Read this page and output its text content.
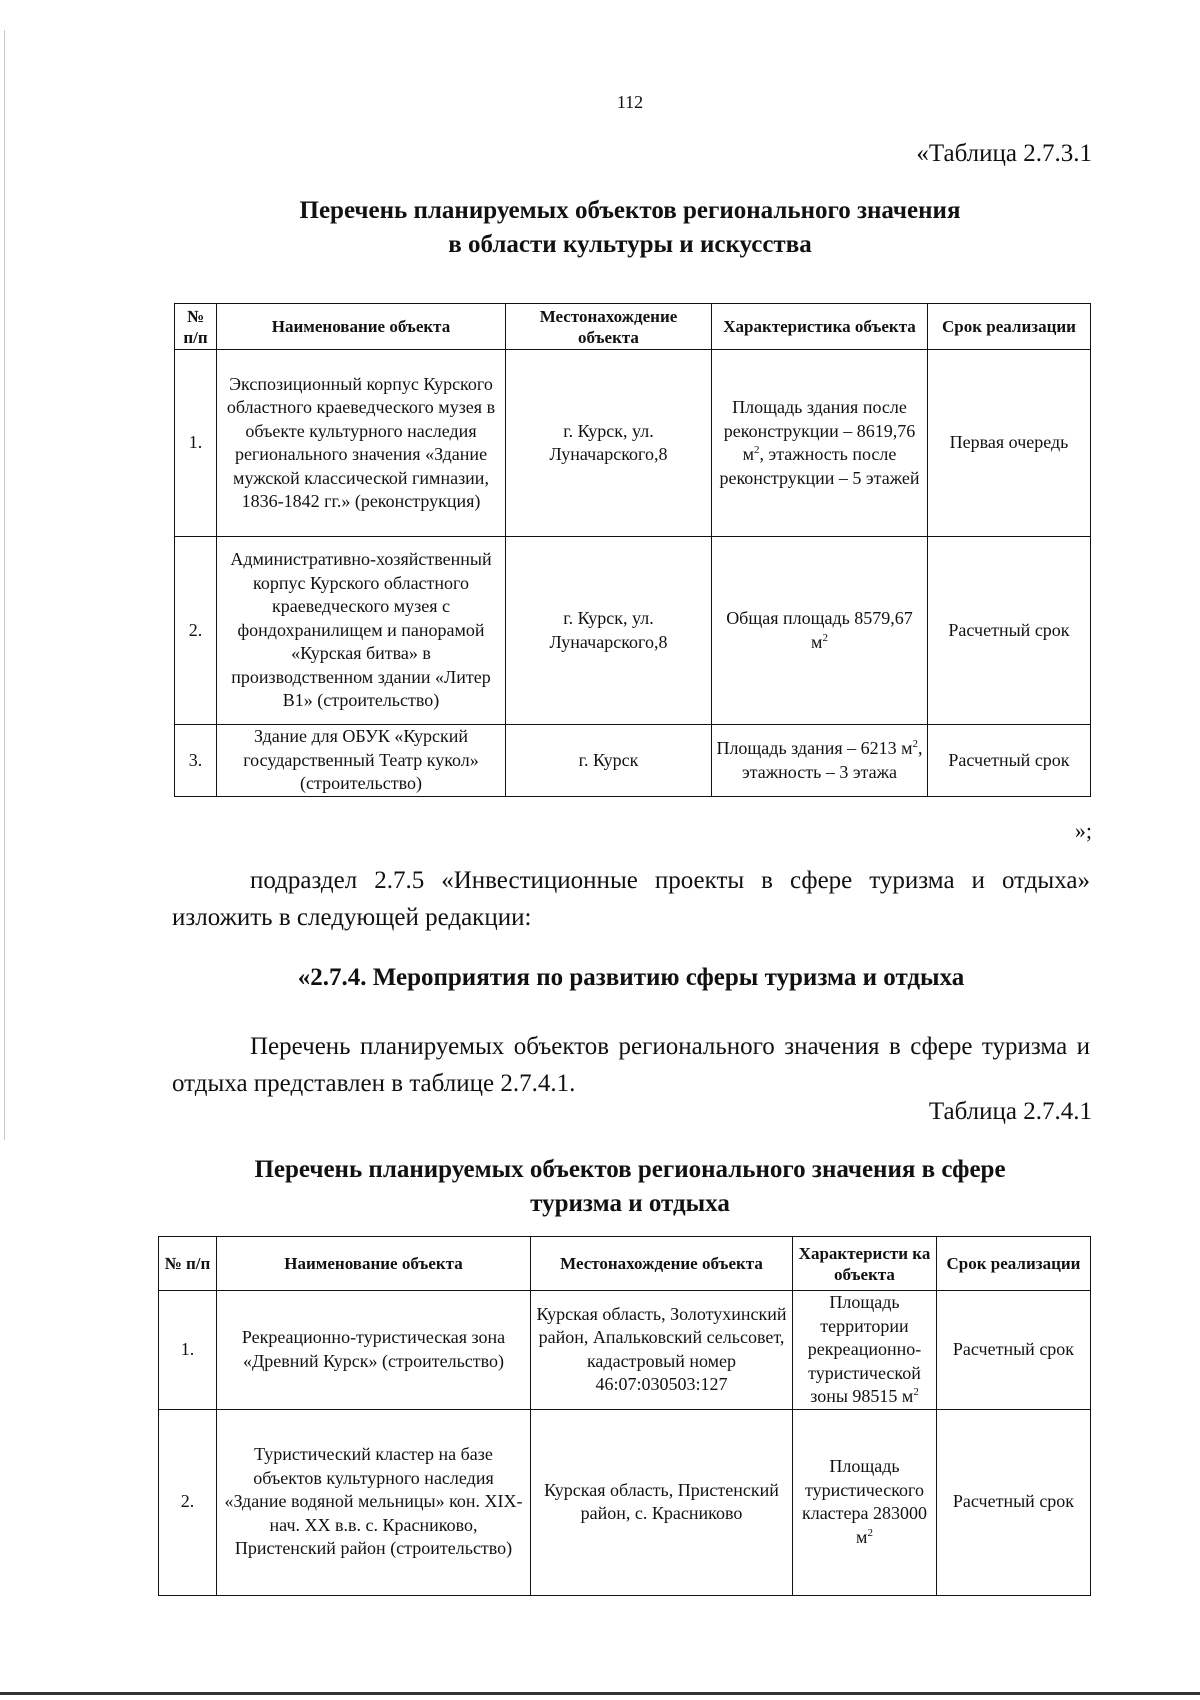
112
«Таблица 2.7.3.1
Перечень планируемых объектов регионального значения
в области культуры и искусства
№ п/п	Наименование объекта	Местонахождение объекта	Характеристика объекта	Срок реализации
1.	Экспозиционный корпус Курского областного краеведческого музея в объекте культурного наследия регионального значения «Здание мужской классической гимназии, 1836-1842 гг.» (реконструкция)	г. Курск, ул. Луначарского,8	Площадь здания после реконструкции – 8619,76 $м^2$, этажность после реконструкции – 5 этажей	Первая очередь
2.	Административно-хозяйственный корпус Курского областного краеведческого музея с фондохранилищем и панорамой «Курская битва» в производственном здании «Литер В1» (строительство)	г. Курск, ул. Луначарского,8	Общая площадь 8579,67 $м^2$	Расчетный срок
3.	Здание для ОБУК «Курский государственный Театр кукол» (строительство)	г. Курск	Площадь здания – 6213 $м^2$, этажность – 3 этажа	Расчетный срок
»;

подраздел 2.7.5 «Инвестиционные проекты в сфере туризма и отдыха» изложить в следующей редакции:

«2.7.4. Мероприятия по развитию сферы туризма и отдыха

Перечень планируемых объектов регионального значения в сфере туризма и отдыха представлен в таблице 2.7.4.1.

Таблица 2.7.4.1
Перечень планируемых объектов регионального значения в сфере
туризма и отдыха
№ п/п	Наименование объекта	Местонахождение объекта	Характеристи ка объекта	Срок реализации
1.	Рекреационно-туристическая зона «Древний Курск» (строительство)	Курская область, Золотухинский район, Апальковский сельсовет, кадастровый номер 46:07:030503:127	Площадь территории рекреационно-туристической зоны 98515 $м^2$	Расчетный срок
2.	Туристический кластер на базе объектов культурного наследия «Здание водяной мельницы» кон. XIX- нач. XX в.в. с. Красниково, Пристенский район (строительство)	Курская область, Пристенский район, с. Красниково	Площадь туристического кластера 283000 $м^2$	Расчетный срок
